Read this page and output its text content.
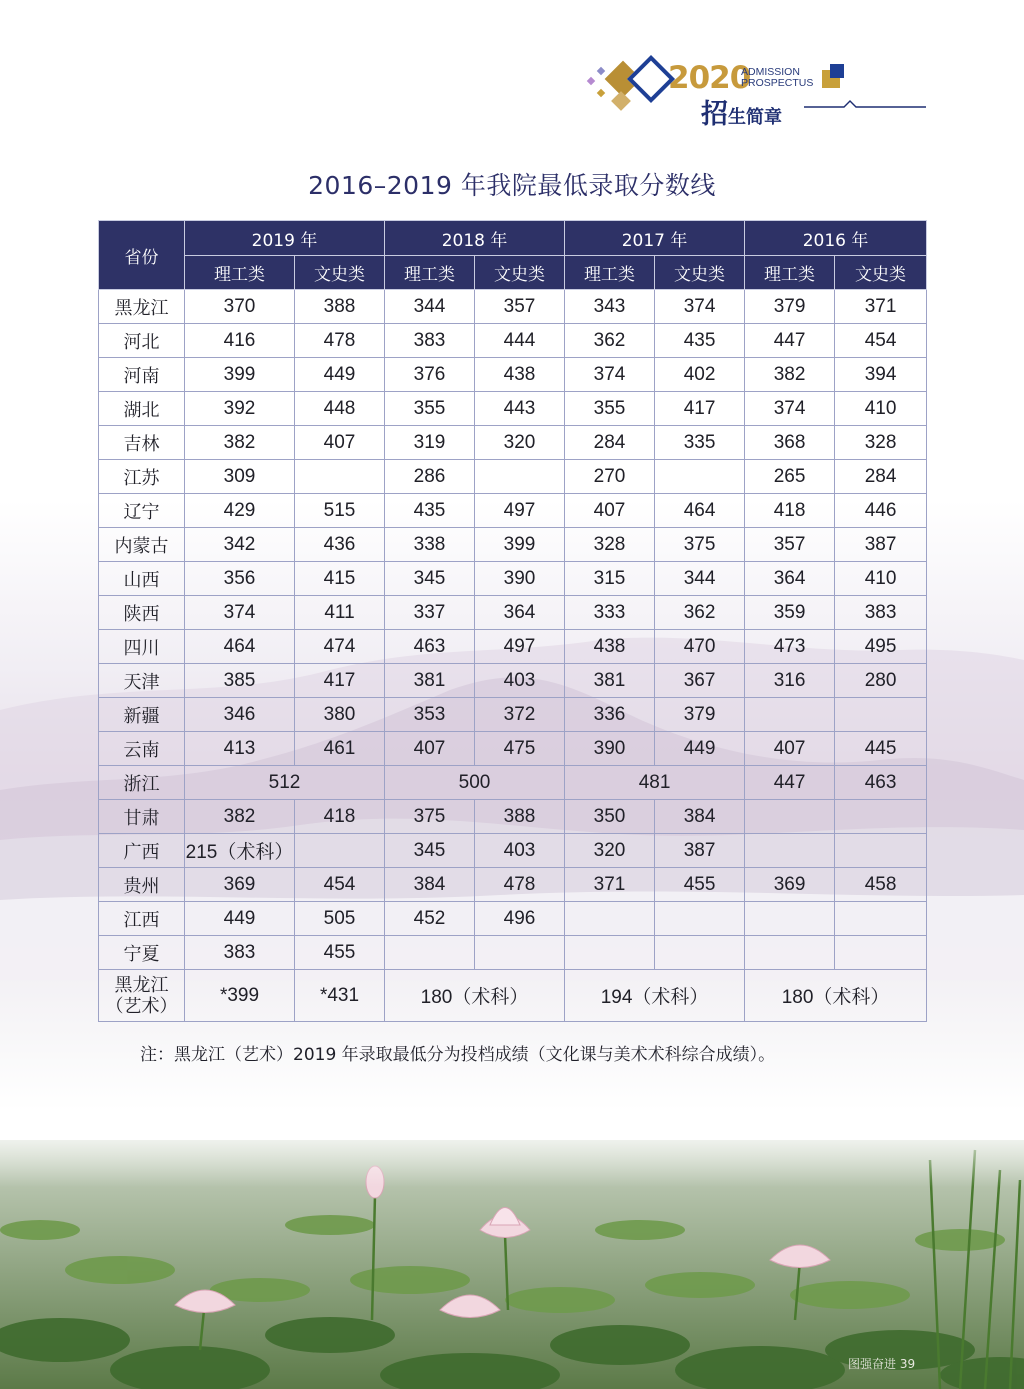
2020
ADMISSION
PROSPECTUS
招生简章
2016–2019 年我院最低录取分数线
省份	2019 年		2018 年		2017 年		2016 年	
	理工类	文史类	理工类	文史类	理工类	文史类	理工类	文史类
黑龙江	370	388	344	357	343	374	379	371
河北	416	478	383	444	362	435	447	454
河南	399	449	376	438	374	402	382	394
湖北	392	448	355	443	355	417	374	410
吉林	382	407	319	320	284	335	368	328
江苏	309		286		270		265	284
辽宁	429	515	435	497	407	464	418	446
内蒙古	342	436	338	399	328	375	357	387
山西	356	415	345	390	315	344	364	410
陕西	374	411	337	364	333	362	359	383
四川	464	474	463	497	438	470	473	495
天津	385	417	381	403	381	367	316	280
新疆	346	380	353	372	336	379		
云南	413	461	407	475	390	449	407	445
浙江	512		500		481		447	463
甘肃	382	418	375	388	350	384		
广西	215（术科）		345	403	320	387		
贵州	369	454	384	478	371	455	369	458
江西	449	505	452	496				
宁夏	383	455						

黑龙江
（艺术）	*399	*431	180（术科）		194（术科）		180（术科）	
注：黑龙江（艺术）2019 年录取最低分为投档成绩（文化课与美术术科综合成绩）。
图强奋进 39
